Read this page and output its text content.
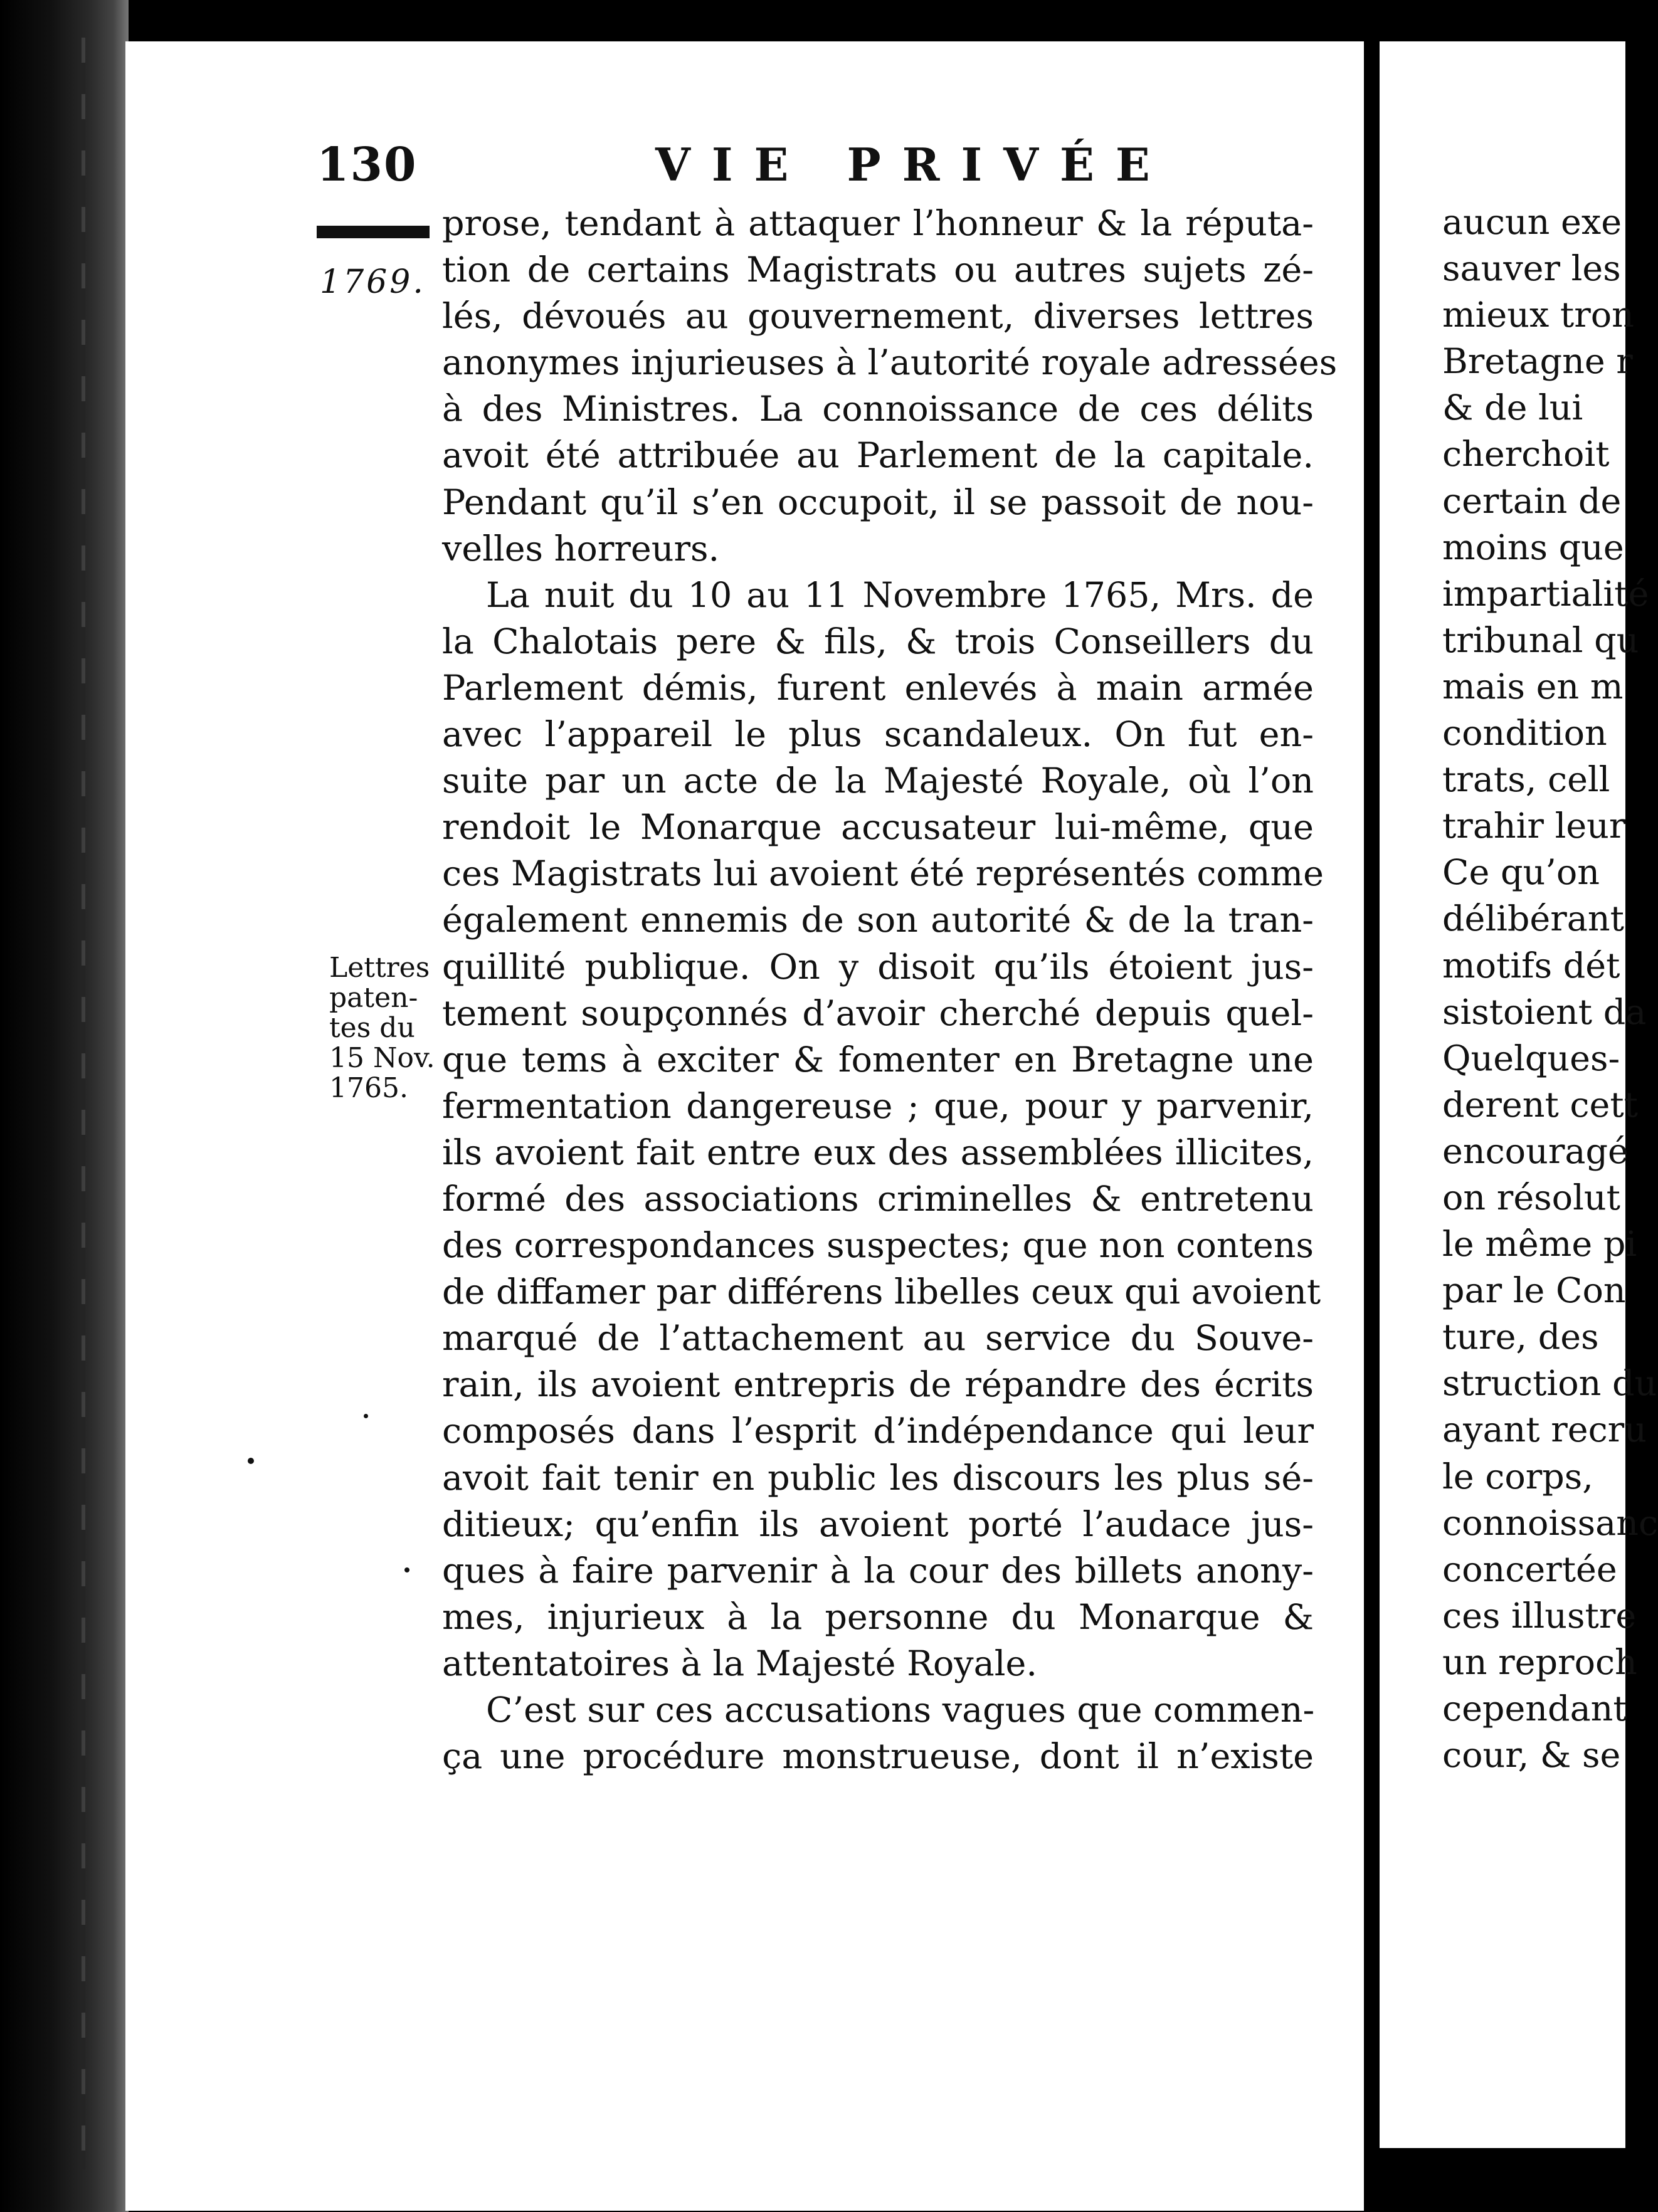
130	VIE PRIVÉE
1769.
Lettres
paten-
tes du
15 Nov.
1765.
prose, tendant à attaquer l’honneur & la réputa-
tion de certains Magistrats ou autres sujets zé-
lés, dévoués au gouvernement, diverses lettres
anonymes injurieuses à l’autorité royale adressées
à des Ministres. La connoissance de ces délits
avoit été attribuée au Parlement de la capitale.
Pendant qu’il s’en occupoit, il se passoit de nou-
velles horreurs.
La nuit du 10 au 11 Novembre 1765, Mrs. de
la Chalotais pere & fils, & trois Conseillers du
Parlement démis, furent enlevés à main armée
avec l’appareil le plus scandaleux. On fut en-
suite par un acte de la Majesté Royale, où l’on
rendoit le Monarque accusateur lui-même, que
ces Magistrats lui avoient été représentés comme
également ennemis de son autorité & de la tran-
quillité publique. On y disoit qu’ils étoient jus-
tement soupçonnés d’avoir cherché depuis quel-
que tems à exciter & fomenter en Bretagne une
fermentation dangereuse ; que, pour y parvenir,
ils avoient fait entre eux des assemblées illicites,
formé des associations criminelles & entretenu
des correspondances suspectes; que non contens
de diffamer par différens libelles ceux qui avoient
marqué de l’attachement au service du Souve-
rain, ils avoient entrepris de répandre des écrits
composés dans l’esprit d’indépendance qui leur
avoit fait tenir en public les discours les plus sé-
ditieux; qu’enfin ils avoient porté l’audace jus-
ques à faire parvenir à la cour des billets anony-
mes, injurieux à la personne du Monarque &
attentatoires à la Majesté Royale.
C’est sur ces accusations vagues que commen-
ça une procédure monstrueuse, dont il n’existe
aucun exe
sauver les
mieux tron
Bretagne r
& de lui
cherchoit
certain de
moins que
impartialité
tribunal qu
mais en m
condition
trats, cell
trahir leur
Ce qu’on
délibérant
motifs dét
sistoient da
Quelques-
derent cett
encouragé
on résolut
le même pi
par le Con
ture, des
struction du
ayant recru
le corps,
connoissanc
concertée
ces illustre
un reproch
cependant
cour, & se
